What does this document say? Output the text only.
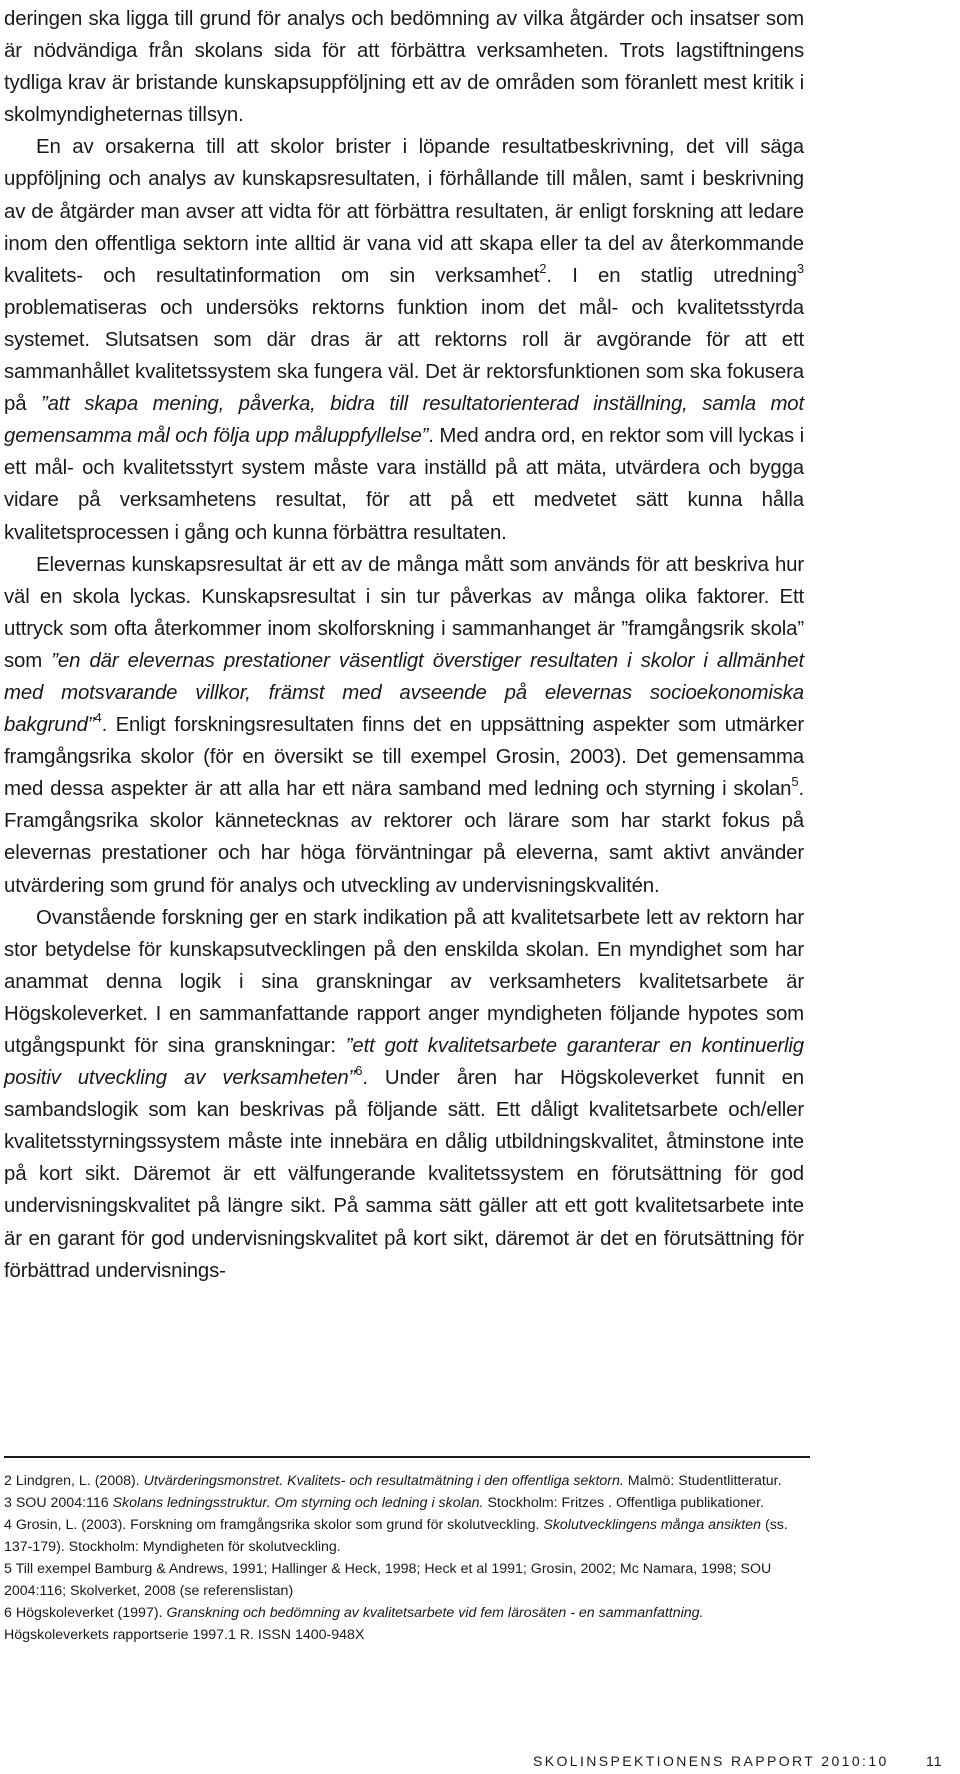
deringen ska ligga till grund för analys och bedömning av vilka åtgärder och insatser som är nödvändiga från skolans sida för att förbättra verksamheten. Trots lagstiftningens tydliga krav är bristande kunskapsuppföljning ett av de områden som föranlett mest kritik i skolmyndigheternas tillsyn.

En av orsakerna till att skolor brister i löpande resultatbeskrivning, det vill säga uppföljning och analys av kunskapsresultaten, i förhållande till målen, samt i beskrivning av de åtgärder man avser att vidta för att förbättra resultaten, är enligt forskning att ledare inom den offentliga sektorn inte alltid är vana vid att skapa eller ta del av återkommande kvalitets- och resultatinformation om sin verksamhet$^2$. I en statlig utredning$^3$ problematiseras och undersöks rektorns funktion inom det mål- och kvalitetsstyrda systemet. Slutsatsen som där dras är att rektorns roll är avgörande för att ett sammanhållet kvalitetssystem ska fungera väl. Det är rektorsfunktionen som ska fokusera på ”att skapa mening, påverka, bidra till resultatorienterad inställning, samla mot gemensamma mål och följa upp måluppfyllelse”. Med andra ord, en rektor som vill lyckas i ett mål- och kvalitetsstyrt system måste vara inställd på att mäta, utvärdera och bygga vidare på verksamhetens resultat, för att på ett medvetet sätt kunna hålla kvalitetsprocessen i gång och kunna förbättra resultaten.

Elevernas kunskapsresultat är ett av de många mått som används för att beskriva hur väl en skola lyckas. Kunskapsresultat i sin tur påverkas av många olika faktorer. Ett uttryck som ofta återkommer inom skolforskning i sammanhanget är ”framgångsrik skola” som ”en där elevernas prestationer väsentligt överstiger resultaten i skolor i allmänhet med motsvarande villkor, främst med avseende på elevernas socioekonomiska bakgrund”$^4$. Enligt forskningsresultaten finns det en uppsättning aspekter som utmärker framgångsrika skolor (för en översikt se till exempel Grosin, 2003). Det gemensamma med dessa aspekter är att alla har ett nära samband med ledning och styrning i skolan$^5$. Framgångsrika skolor kännetecknas av rektorer och lärare som har starkt fokus på elevernas prestationer och har höga förväntningar på eleverna, samt aktivt använder utvärdering som grund för analys och utveckling av undervisningskvalitén.

Ovanstående forskning ger en stark indikation på att kvalitetsarbete lett av rektorn har stor betydelse för kunskapsutvecklingen på den enskilda skolan. En myndighet som har anammat denna logik i sina granskningar av verksamheters kvalitetsarbete är Högskoleverket. I en sammanfattande rapport anger myndigheten följande hypotes som utgångspunkt för sina granskningar: ”ett gott kvalitetsarbete garanterar en kontinuerlig positiv utveckling av verksamheten”$^6$. Under åren har Högskoleverket funnit en sambandslogik som kan beskrivas på följande sätt. Ett dåligt kvalitetsarbete och/eller kvalitetsstyrningssystem måste inte innebära en dålig utbildningskvalitet, åtminstone inte på kort sikt. Däremot är ett välfungerande kvalitetssystem en förutsättning för god undervisningskvalitet på längre sikt. På samma sätt gäller att ett gott kvalitetsarbete inte är en garant för god undervisningskvalitet på kort sikt, däremot är det en förutsättning för förbättrad undervisnings-

2 Lindgren, L. (2008). Utvärderingsmonstret. Kvalitets- och resultatmätning i den offentliga sektorn. Malmö: Studentlitteratur.

3 SOU 2004:116 Skolans ledningsstruktur. Om styrning och ledning i skolan. Stockholm: Fritzes . Offentliga publikationer.

4 Grosin, L. (2003). Forskning om framgångsrika skolor som grund för skolutveckling. Skolutvecklingens många ansikten (ss. 137-179). Stockholm: Myndigheten för skolutveckling.

5 Till exempel Bamburg & Andrews, 1991; Hallinger & Heck, 1998; Heck et al 1991; Grosin, 2002; Mc Namara, 1998; SOU 2004:116; Skolverket, 2008 (se referenslistan)

6 Högskoleverket (1997). Granskning och bedömning av kvalitetsarbete vid fem lärosäten - en sammanfattning. Högskoleverkets rapportserie 1997.1 R. ISSN 1400-948X

SKOLINSPEKTIONENS RAPPORT 2010:10	11
